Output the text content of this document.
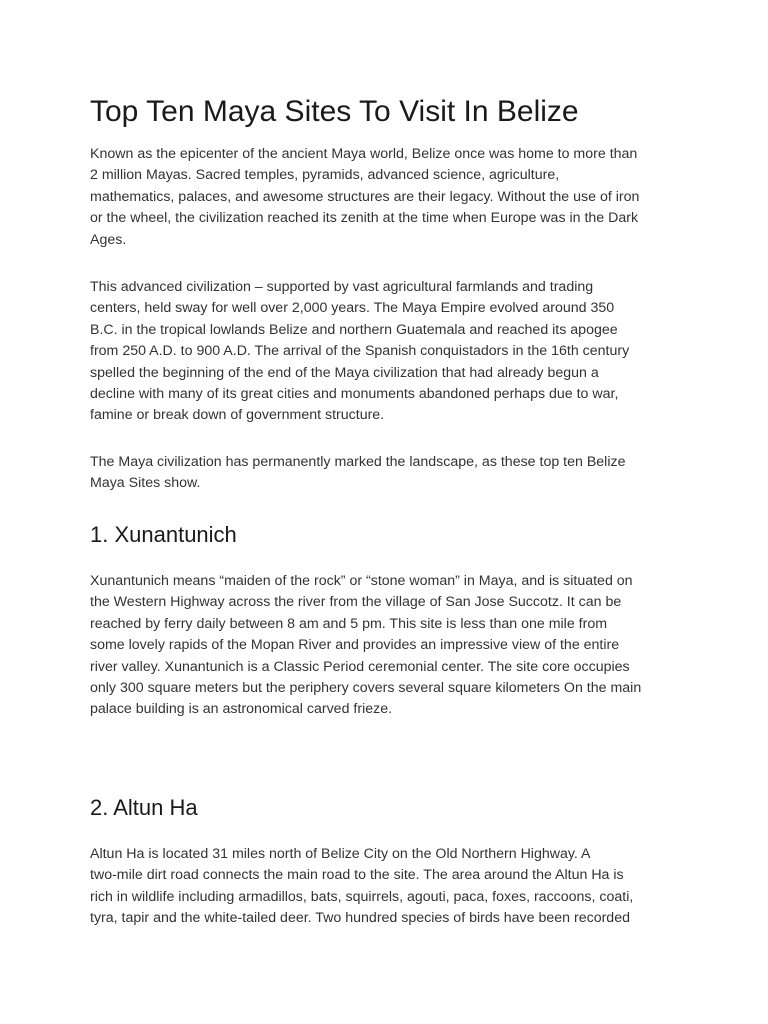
Top Ten Maya Sites To Visit In Belize

Known as the epicenter of the ancient Maya world, Belize once was home to more than
2 million Mayas. Sacred temples, pyramids, advanced science, agriculture,
mathematics, palaces, and awesome structures are their legacy. Without the use of iron
or the wheel, the civilization reached its zenith at the time when Europe was in the Dark
Ages.

This advanced civilization – supported by vast agricultural farmlands and trading
centers, held sway for well over 2,000 years. The Maya Empire evolved around 350
B.C. in the tropical lowlands Belize and northern Guatemala and reached its apogee
from 250 A.D. to 900 A.D. The arrival of the Spanish conquistadors in the 16th century
spelled the beginning of the end of the Maya civilization that had already begun a
decline with many of its great cities and monuments abandoned perhaps due to war,
famine or break down of government structure.

The Maya civilization has permanently marked the landscape, as these top ten Belize
Maya Sites show.

1. Xunantunich

Xunantunich means “maiden of the rock” or “stone woman” in Maya, and is situated on
the Western Highway across the river from the village of San Jose Succotz. It can be
reached by ferry daily between 8 am and 5 pm. This site is less than one mile from
some lovely rapids of the Mopan River and provides an impressive view of the entire
river valley. Xunantunich is a Classic Period ceremonial center. The site core occupies
only 300 square meters but the periphery covers several square kilometers On the main
palace building is an astronomical carved frieze.

2. Altun Ha

Altun Ha is located 31 miles north of Belize City on the Old Northern Highway. A
two-mile dirt road connects the main road to the site. The area around the Altun Ha is
rich in wildlife including armadillos, bats, squirrels, agouti, paca, foxes, raccoons, coati,
tyra, tapir and the white-tailed deer. Two hundred species of birds have been recorded
